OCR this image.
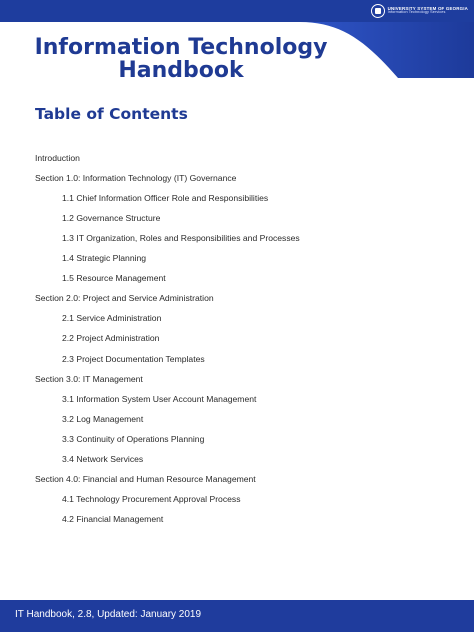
UNIVERSITY SYSTEM OF GEORGIA
Information Technology Services
Information Technology
Handbook
Table of Contents
Introduction
Section 1.0: Information Technology (IT) Governance
1.1 Chief Information Officer Role and Responsibilities
1.2 Governance Structure
1.3 IT Organization, Roles and Responsibilities and Processes
1.4 Strategic Planning
1.5 Resource Management
Section 2.0: Project and Service Administration
2.1 Service Administration
2.2 Project Administration
2.3 Project Documentation Templates
Section 3.0: IT Management
3.1 Information System User Account Management
3.2 Log Management
3.3 Continuity of Operations Planning
3.4 Network Services
Section 4.0: Financial and Human Resource Management
4.1 Technology Procurement Approval Process
4.2 Financial Management
IT Handbook, 2.8, Updated: January 2019
